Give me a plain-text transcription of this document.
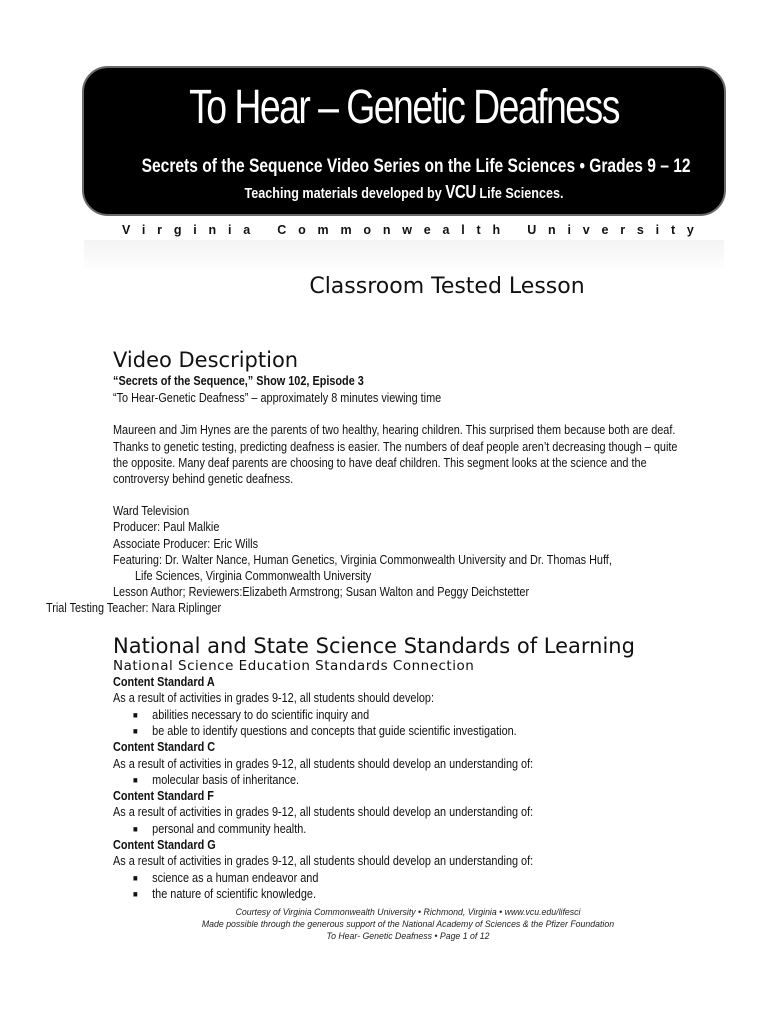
To Hear – Genetic Deafness
Secrets of the Sequence Video Series on the Life Sciences • Grades 9 – 12
Teaching materials developed by VCU Life Sciences.
Virginia Commonwealth University
Classroom Tested Lesson
Video Description
“Secrets of the Sequence,” Show 102, Episode 3
“To Hear-Genetic Deafness” – approximately 8 minutes viewing time
Maureen and Jim Hynes are the parents of two healthy, hearing children. This surprised them because both are deaf.
Thanks to genetic testing, predicting deafness is easier. The numbers of deaf people aren’t decreasing though – quite
the opposite. Many deaf parents are choosing to have deaf children. This segment looks at the science and the
controversy behind genetic deafness.
Ward Television
Producer: Paul Malkie
Associate Producer: Eric Wills
Featuring: Dr. Walter Nance, Human Genetics, Virginia Commonwealth University and Dr. Thomas Huff,
Life Sciences, Virginia Commonwealth University
Lesson Author; Reviewers:Elizabeth Armstrong; Susan Walton and Peggy Deichstetter
Trial Testing Teacher: Nara Riplinger
National and State Science Standards of Learning
National Science Education Standards Connection
Content Standard A
As a result of activities in grades 9-12, all students should develop:
■ abilities necessary to do scientific inquiry and
■ be able to identify questions and concepts that guide scientific investigation.
Content Standard C
As a result of activities in grades 9-12, all students should develop an understanding of:
■ molecular basis of inheritance.
Content Standard F
As a result of activities in grades 9-12, all students should develop an understanding of:
■ personal and community health.
Content Standard G
As a result of activities in grades 9-12, all students should develop an understanding of:
■ science as a human endeavor and
■ the nature of scientific knowledge.
Courtesy of Virginia Commonwealth University • Richmond, Virginia • www.vcu.edu/lifesci
Made possible through the generous support of the National Academy of Sciences & the Pfizer Foundation
To Hear- Genetic Deafness • Page 1 of 12
